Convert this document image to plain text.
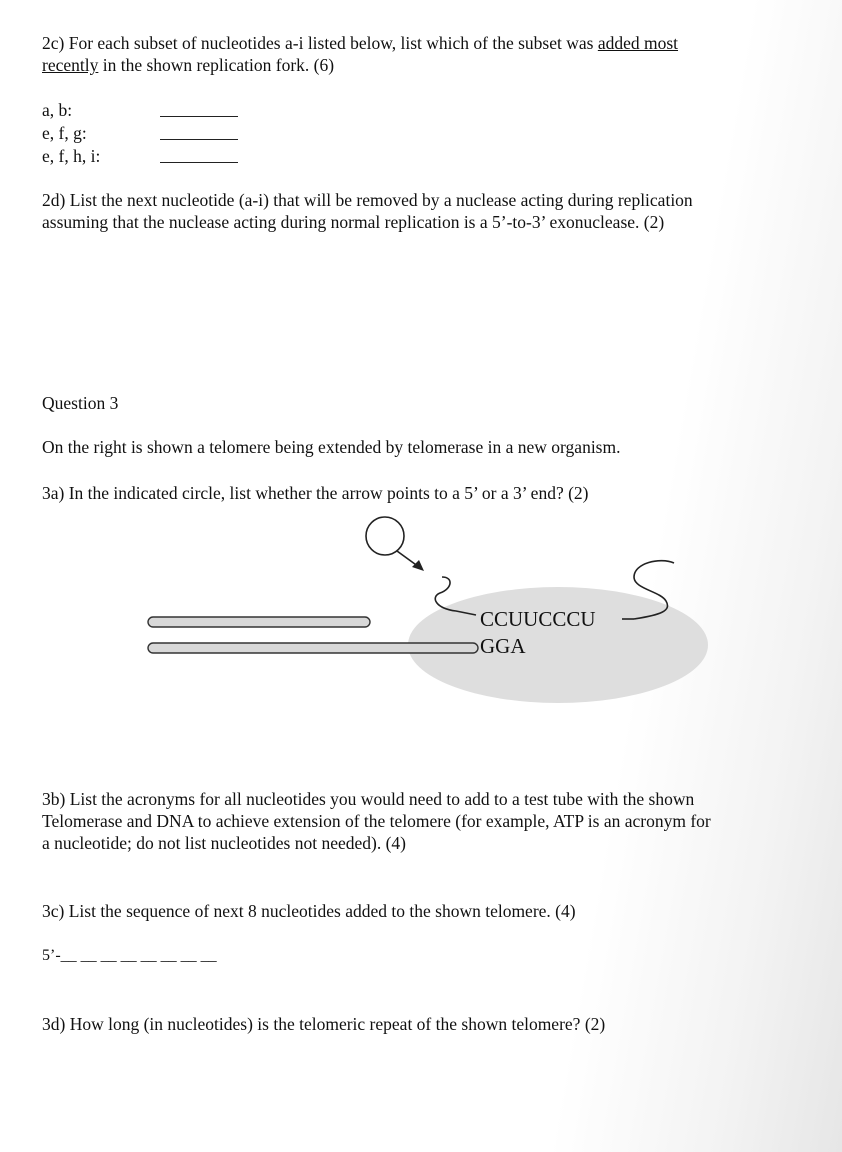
2c) For each subset of nucleotides a-i listed below, list which of the subset was added most
recently in the shown replication fork. (6)
a, b:
e, f, g:
e, f, h, i:
2d) List the next nucleotide (a-i) that will be removed by a nuclease acting during replication
assuming that the nuclease acting during normal replication is a 5’-to-3’ exonuclease. (2)
Question 3
On the right is shown a telomere being extended by telomerase in a new organism.
3a) In the indicated circle, list whether the arrow points to a 5’ or a 3’ end? (2)
CCUUCCCU
GGA
3b) List the acronyms for all nucleotides you would need to add to a test tube with the shown
Telomerase and DNA to achieve extension of the telomere (for example, ATP is an acronym for
a nucleotide; do not list nucleotides not needed). (4)
3c) List the sequence of next 8 nucleotides added to the shown telomere. (4)
5’-__ __ __ __ __ __ __ __
3d) How long (in nucleotides) is the telomeric repeat of the shown telomere? (2)
